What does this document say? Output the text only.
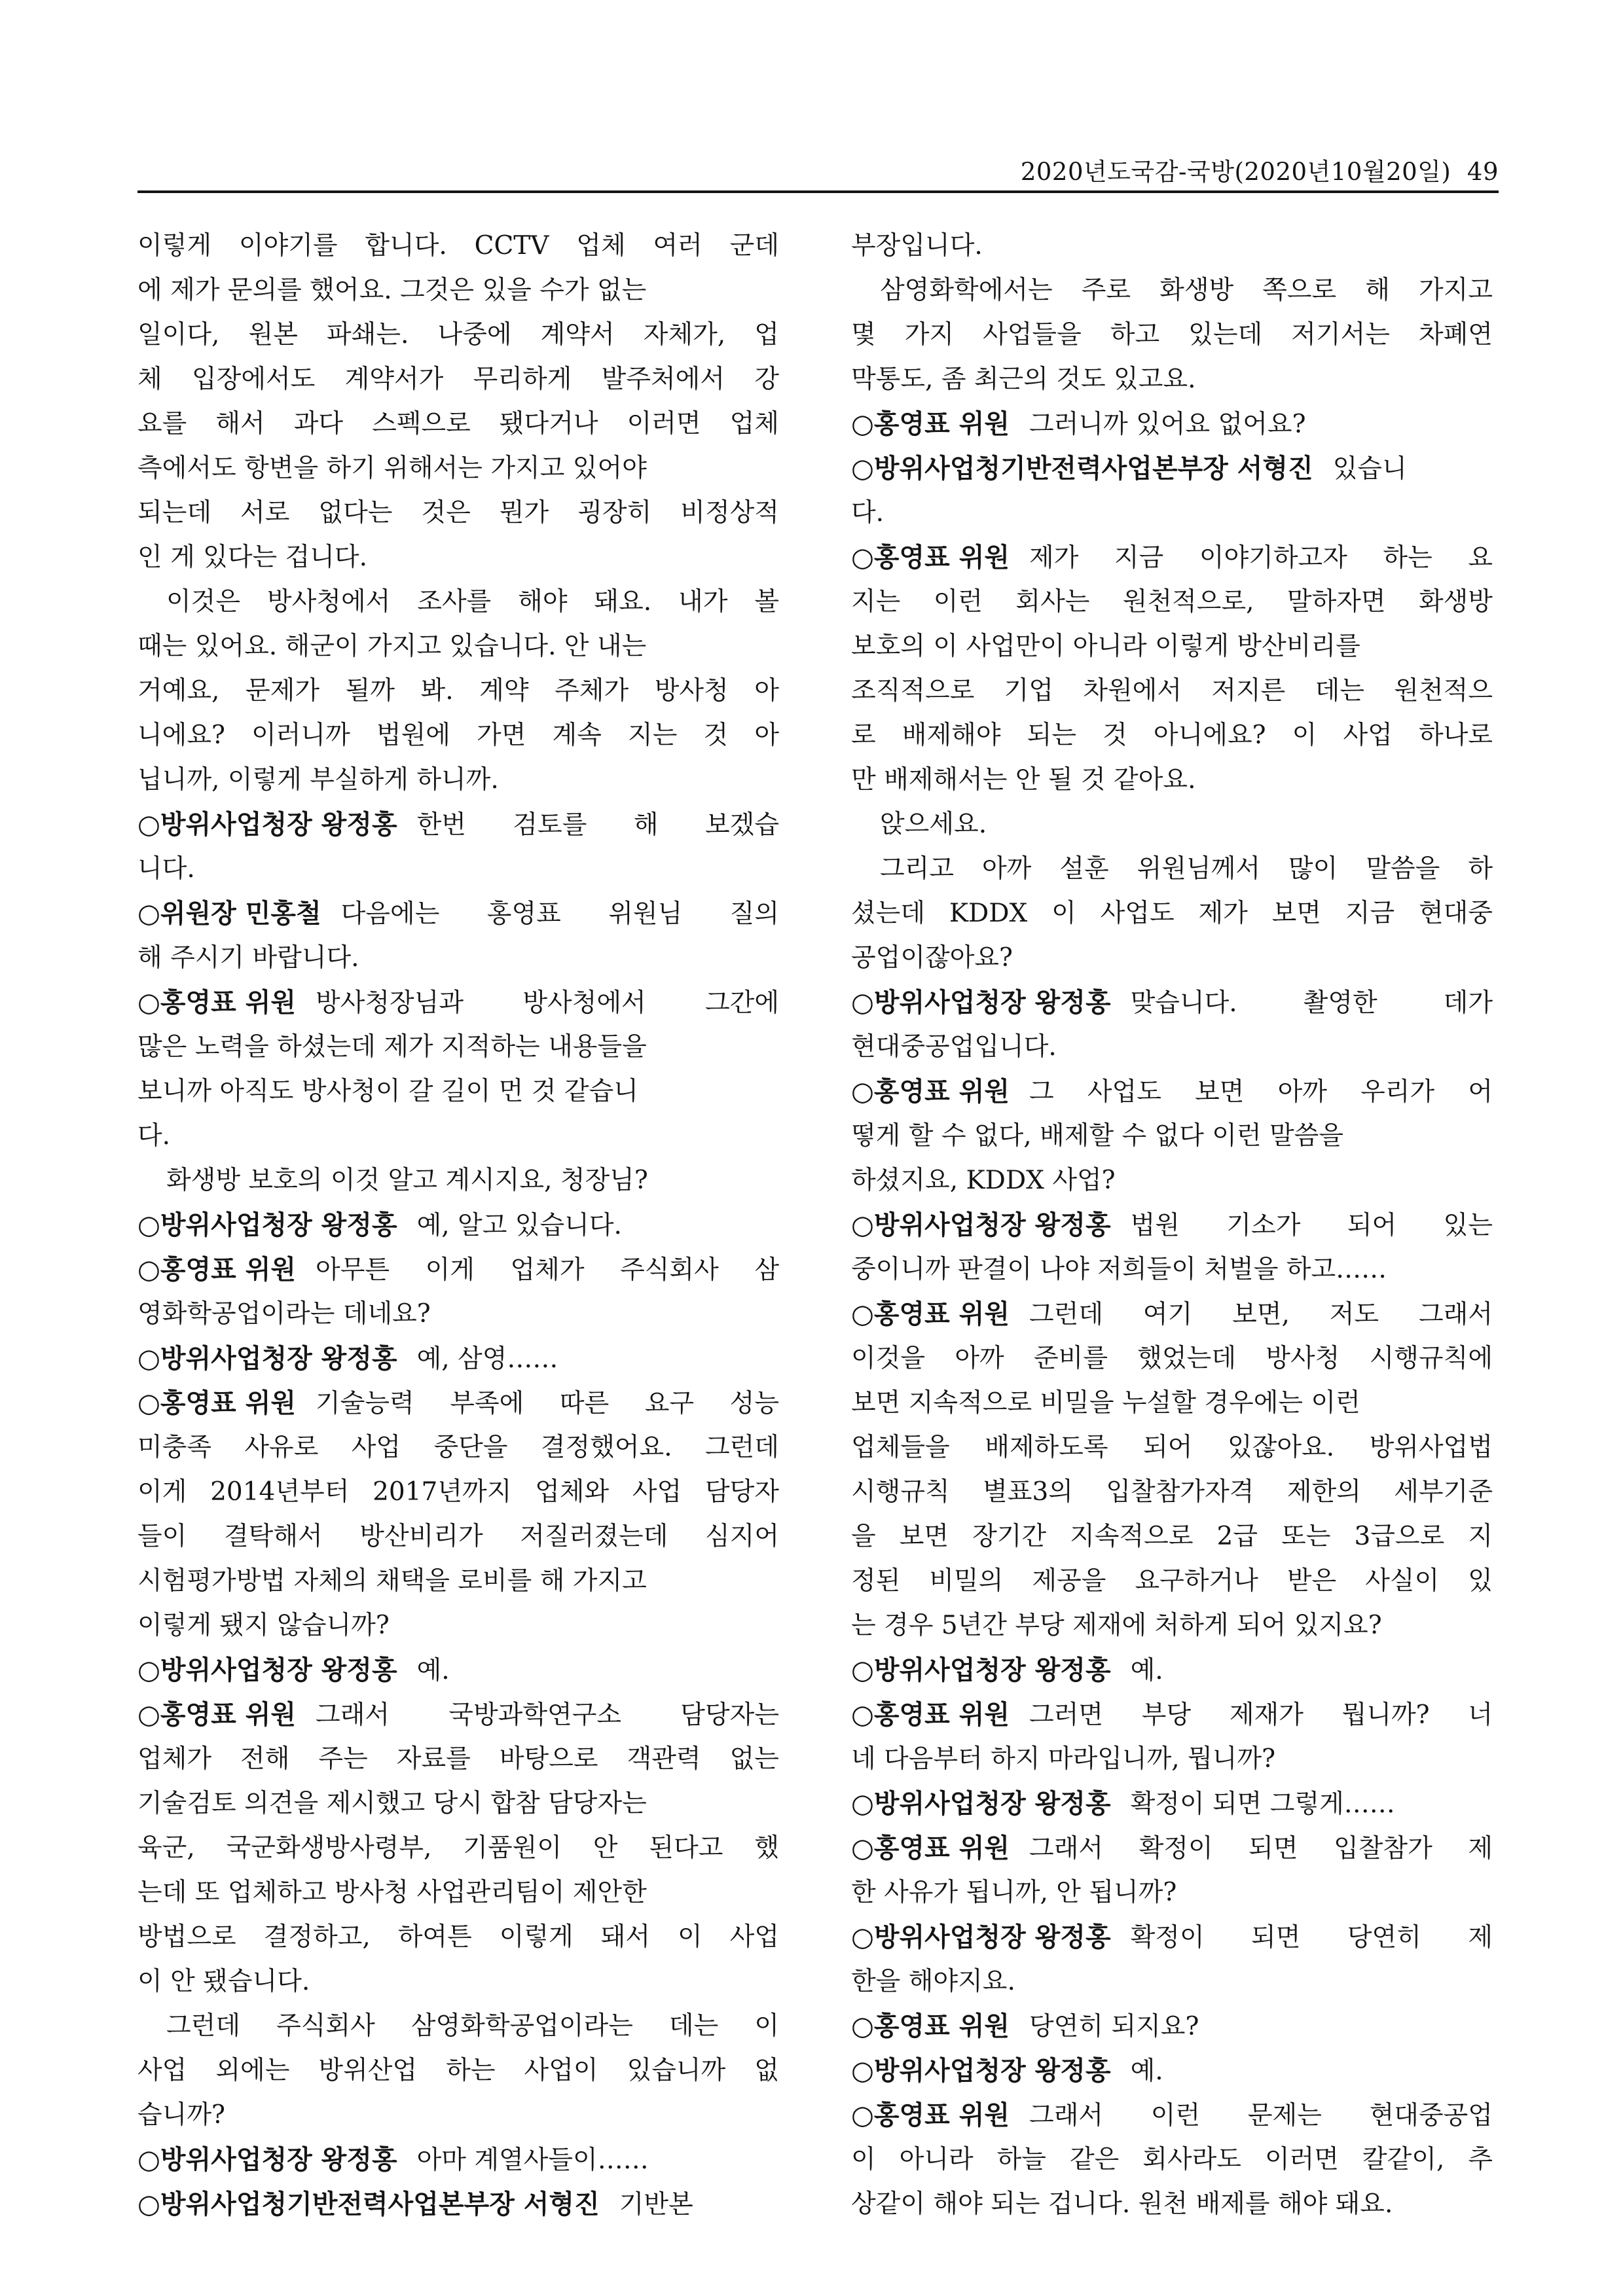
2020년도국감-국방(2020년10월20일) 49
이렇게 이야기를 합니다. CCTV 업체 여러 군데
에 제가 문의를 했어요. 그것은 있을 수가 없는
일이다, 원본 파쇄는. 나중에 계약서 자체가, 업
체 입장에서도 계약서가 무리하게 발주처에서 강
요를 해서 과다 스펙으로 됐다거나 이러면 업체
측에서도 항변을 하기 위해서는 가지고 있어야
되는데 서로 없다는 것은 뭔가 굉장히 비정상적
인 게 있다는 겁니다.
이것은 방사청에서 조사를 해야 돼요. 내가 볼
때는 있어요. 해군이 가지고 있습니다. 안 내는
거예요, 문제가 될까 봐. 계약 주체가 방사청 아
니에요? 이러니까 법원에 가면 계속 지는 것 아
닙니까, 이렇게 부실하게 하니까.
○방위사업청장 왕정홍 한번 검토를 해 보겠습
니다.
○위원장 민홍철 다음에는 홍영표 위원님 질의
해 주시기 바랍니다.
○홍영표 위원 방사청장님과 방사청에서 그간에
많은 노력을 하셨는데 제가 지적하는 내용들을
보니까 아직도 방사청이 갈 길이 먼 것 같습니
다.
화생방 보호의 이것 알고 계시지요, 청장님?
○방위사업청장 왕정홍 예, 알고 있습니다.
○홍영표 위원 아무튼 이게 업체가 주식회사 삼
영화학공업이라는 데네요?
○방위사업청장 왕정홍 예, 삼영……
○홍영표 위원 기술능력 부족에 따른 요구 성능
미충족 사유로 사업 중단을 결정했어요. 그런데
이게 2014년부터 2017년까지 업체와 사업 담당자
들이 결탁해서 방산비리가 저질러졌는데 심지어
시험평가방법 자체의 채택을 로비를 해 가지고
이렇게 됐지 않습니까?
○방위사업청장 왕정홍 예.
○홍영표 위원 그래서 국방과학연구소 담당자는
업체가 전해 주는 자료를 바탕으로 객관력 없는
기술검토 의견을 제시했고 당시 합참 담당자는
육군, 국군화생방사령부, 기품원이 안 된다고 했
는데 또 업체하고 방사청 사업관리팀이 제안한
방법으로 결정하고, 하여튼 이렇게 돼서 이 사업
이 안 됐습니다.
그런데 주식회사 삼영화학공업이라는 데는 이
사업 외에는 방위산업 하는 사업이 있습니까 없
습니까?
○방위사업청장 왕정홍 아마 계열사들이……
○방위사업청기반전력사업본부장 서형진 기반본
부장입니다.
삼영화학에서는 주로 화생방 쪽으로 해 가지고
몇 가지 사업들을 하고 있는데 저기서는 차폐연
막통도, 좀 최근의 것도 있고요.
○홍영표 위원 그러니까 있어요 없어요?
○방위사업청기반전력사업본부장 서형진 있습니
다.
○홍영표 위원 제가 지금 이야기하고자 하는 요
지는 이런 회사는 원천적으로, 말하자면 화생방
보호의 이 사업만이 아니라 이렇게 방산비리를
조직적으로 기업 차원에서 저지른 데는 원천적으
로 배제해야 되는 것 아니에요? 이 사업 하나로
만 배제해서는 안 될 것 같아요.
앉으세요.
그리고 아까 설훈 위원님께서 많이 말씀을 하
셨는데 KDDX 이 사업도 제가 보면 지금 현대중
공업이잖아요?
○방위사업청장 왕정홍 맞습니다. 촬영한 데가
현대중공업입니다.
○홍영표 위원 그 사업도 보면 아까 우리가 어
떻게 할 수 없다, 배제할 수 없다 이런 말씀을
하셨지요, KDDX 사업?
○방위사업청장 왕정홍 법원 기소가 되어 있는
중이니까 판결이 나야 저희들이 처벌을 하고……
○홍영표 위원 그런데 여기 보면, 저도 그래서
이것을 아까 준비를 했었는데 방사청 시행규칙에
보면 지속적으로 비밀을 누설할 경우에는 이런
업체들을 배제하도록 되어 있잖아요. 방위사업법
시행규칙 별표3의 입찰참가자격 제한의 세부기준
을 보면 장기간 지속적으로 2급 또는 3급으로 지
정된 비밀의 제공을 요구하거나 받은 사실이 있
는 경우 5년간 부당 제재에 처하게 되어 있지요?
○방위사업청장 왕정홍 예.
○홍영표 위원 그러면 부당 제재가 뭡니까? 너
네 다음부터 하지 마라입니까, 뭡니까?
○방위사업청장 왕정홍 확정이 되면 그렇게……
○홍영표 위원 그래서 확정이 되면 입찰참가 제
한 사유가 됩니까, 안 됩니까?
○방위사업청장 왕정홍 확정이 되면 당연히 제
한을 해야지요.
○홍영표 위원 당연히 되지요?
○방위사업청장 왕정홍 예.
○홍영표 위원 그래서 이런 문제는 현대중공업
이 아니라 하늘 같은 회사라도 이러면 칼같이, 추
상같이 해야 되는 겁니다. 원천 배제를 해야 돼요.
